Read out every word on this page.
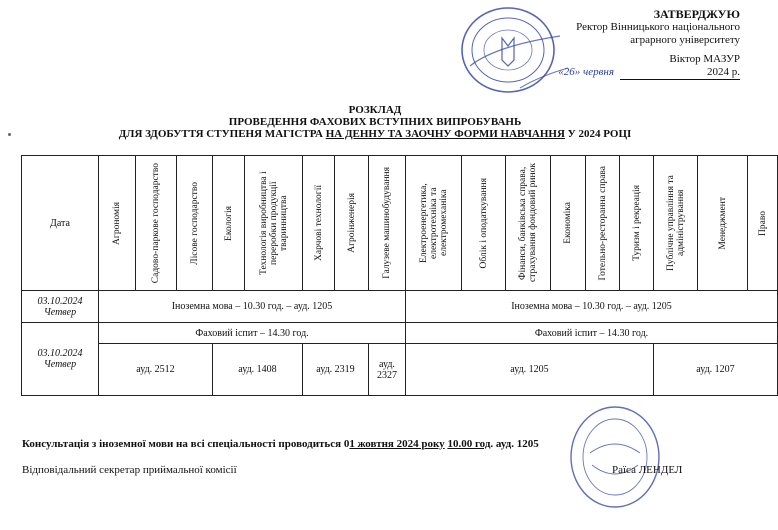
ЗАТВЕРДЖУЮ
Ректор Вінницького національного
аграрного університету
Віктор МАЗУР
«26» червня	2024 р.
РОЗКЛАД
ПРОВЕДЕННЯ ФАХОВИХ ВСТУПНИХ ВИПРОБУВАНЬ
ДЛЯ ЗДОБУТТЯ СТУПЕНЯ МАГІСТРА НА ДЕННУ ТА ЗАОЧНУ ФОРМИ НАВЧАННЯ У 2024 РОЦІ
Дата	Агрономія	Садово-паркове господарство	Лісове господарство	Екологія	Технологія виробництва і переробки продукції тваринництва	Харчові технології	Агроінженерія	Галузеве машинобудування	Електроенергетика, електротехніка та електромеханіка	Облік і оподаткування	Фінанси, банківська справа, страхування фондовий ринок	Економіка	Готельно-ресторанна справа	Туризм і рекреація	Публічне управління та адміністрування	Менеджмент	Право

03.10.2024
Четвер	Іноземна мова – 10.30 год. – ауд. 1205								Іноземна мова – 10.30 год. – ауд. 1205								

03.10.2024
Четвер	Фаховий іспит – 14.30 год.								Фаховий іспит – 14.30 год.								
	ауд. 2512			ауд. 1408		ауд. 2319		ауд. 2327	ауд. 1205						ауд. 1207		
Консультація з іноземної мови на всі спеціальності проводиться 01 жовтня 2024 року 10.00 год. ауд. 1205
Відповідальний секретар приймальної комісії	Раїса ЛЕНДЕЛ
